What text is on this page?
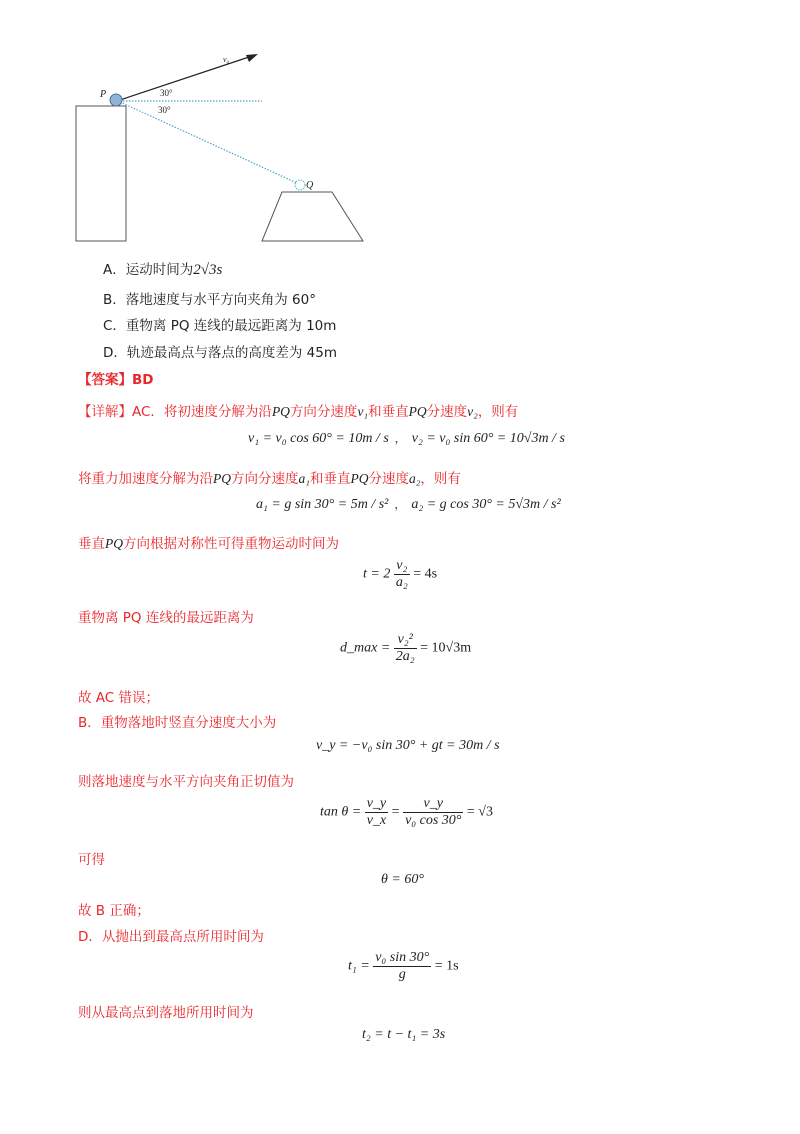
P
Q
v₀
30°
30°
A．运动时间为2√3s
B．落地速度与水平方向夹角为 60°
C．重物离 PQ 连线的最远距离为 10m
D．轨迹最高点与落点的高度差为 45m
【答案】BD
【详解】AC．将初速度分解为沿PQ方向分速度v₁和垂直PQ分速度v₂，则有
v₁ = v₀ cos 60° = 10m / s ， v₂ = v₀ sin 60° = 10√3m / s
将重力加速度分解为沿PQ方向分速度a₁和垂直PQ分速度a₂，则有
a₁ = g sin 30° = 5m / s² ， a₂ = g cos 30° = 5√3m / s²
垂直PQ方向根据对称性可得重物运动时间为
$t = 2 \frac{\text{v₂}}{\text{a₂}} = 4s$
重物离 PQ 连线的最远距离为
d_max = $\frac{\text{v₂²}}{\text{2a₂}} = 10√3m$
故 AC 错误；
B．重物落地时竖直分速度大小为
v_y = −v₀ sin 30° + gt = 30m / s
则落地速度与水平方向夹角正切值为
$\tan \theta = \frac{v\_y}{v\_x} = \frac{v\_y}{\text{v₀ cos 30°}} = √3$
可得
θ = 60°
故 B 正确；
D．从抛出到最高点所用时间为
$t_1 = \frac{\text{v₀ sin 30°}}{g} = 1s$
则从最高点到落地所用时间为
t₂ = t − t₁ = 3s
